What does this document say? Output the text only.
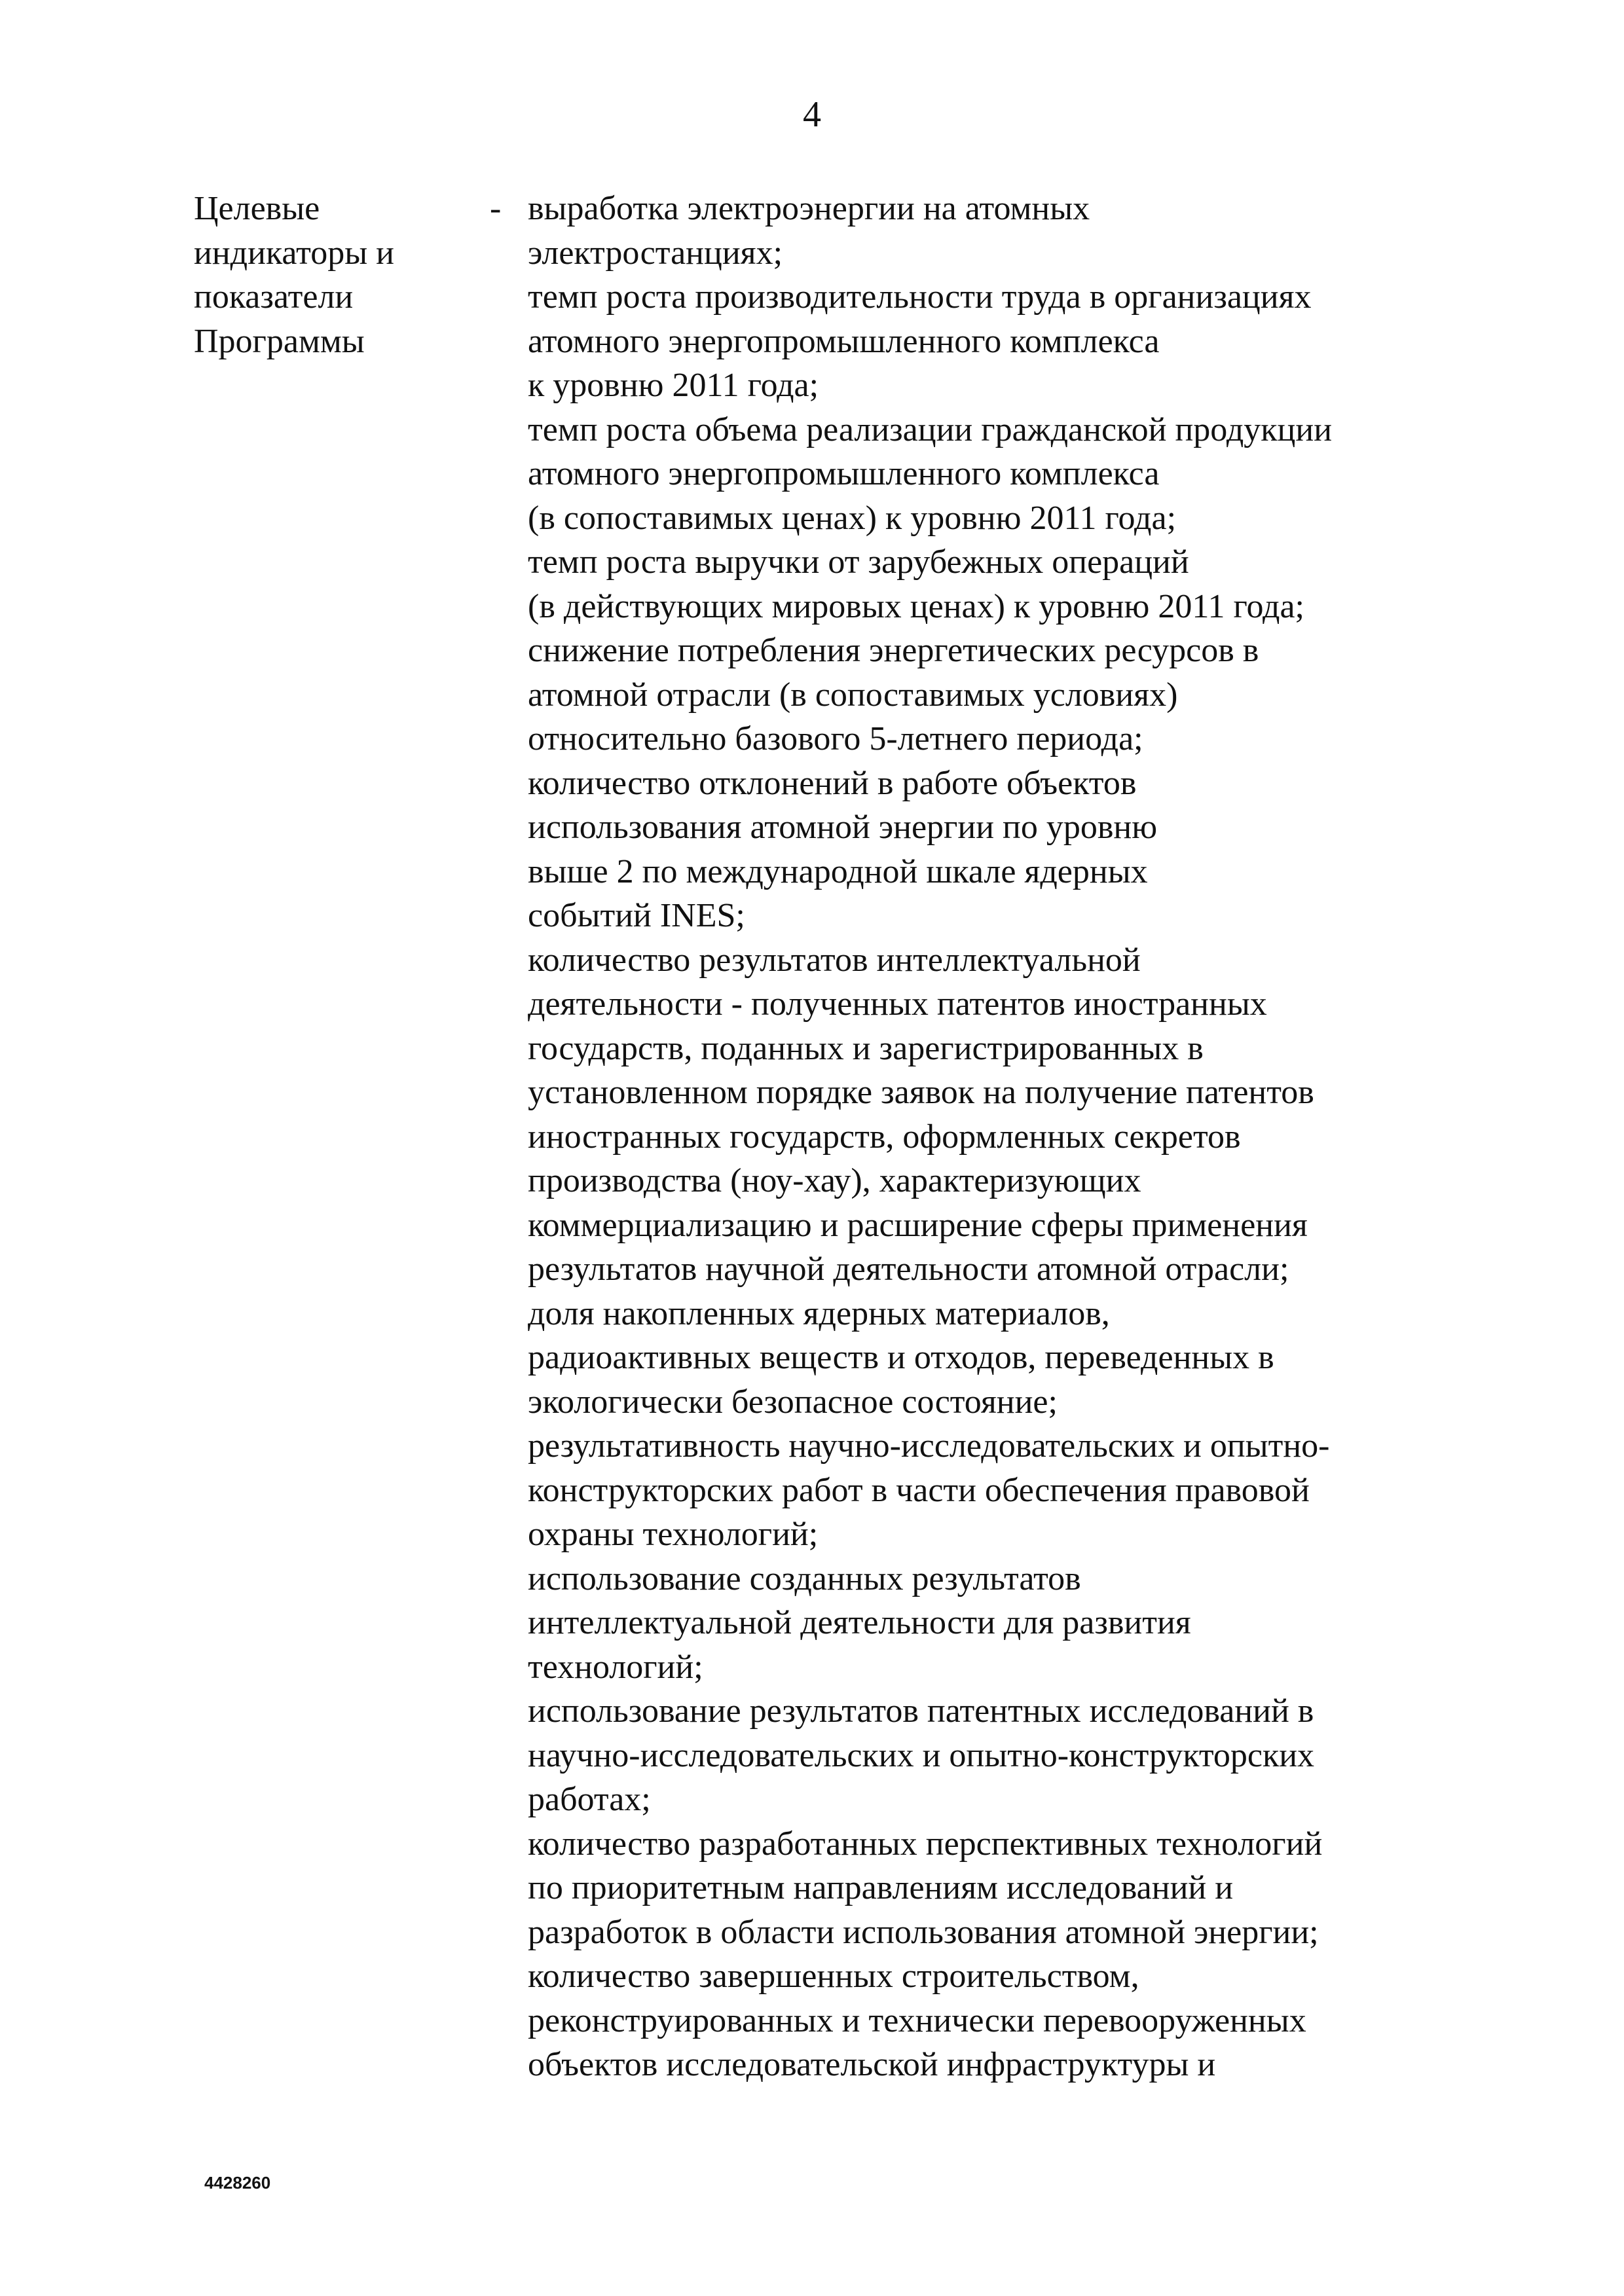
4
Целевые
индикаторы и
показатели
Программы
- выработка электроэнергии на атомных
электростанциях;
темп роста производительности труда в организациях
атомного энергопромышленного комплекса
к уровню 2011 года;
темп роста объема реализации гражданской продукции
атомного энергопромышленного комплекса
(в сопоставимых ценах) к уровню 2011 года;
темп роста выручки от зарубежных операций
(в действующих мировых ценах) к уровню 2011 года;
снижение потребления энергетических ресурсов в
атомной отрасли (в сопоставимых условиях)
относительно базового 5-летнего периода;
количество отклонений в работе объектов
использования атомной энергии по уровню
выше 2 по международной шкале ядерных
событий INES;
количество результатов интеллектуальной
деятельности - полученных патентов иностранных
государств, поданных и зарегистрированных в
установленном порядке заявок на получение патентов
иностранных государств, оформленных секретов
производства (ноу-хау), характеризующих
коммерциализацию и расширение сферы применения
результатов научной деятельности атомной отрасли;
доля накопленных ядерных материалов,
радиоактивных веществ и отходов, переведенных в
экологически безопасное состояние;
результативность научно-исследовательских и опытно-
конструкторских работ в части обеспечения правовой
охраны технологий;
использование созданных результатов
интеллектуальной деятельности для развития
технологий;
использование результатов патентных исследований в
научно-исследовательских и опытно-конструкторских
работах;
количество разработанных перспективных технологий
по приоритетным направлениям исследований и
разработок в области использования атомной энергии;
количество завершенных строительством,
реконструированных и технически перевооруженных
объектов исследовательской инфраструктуры и
4428260
